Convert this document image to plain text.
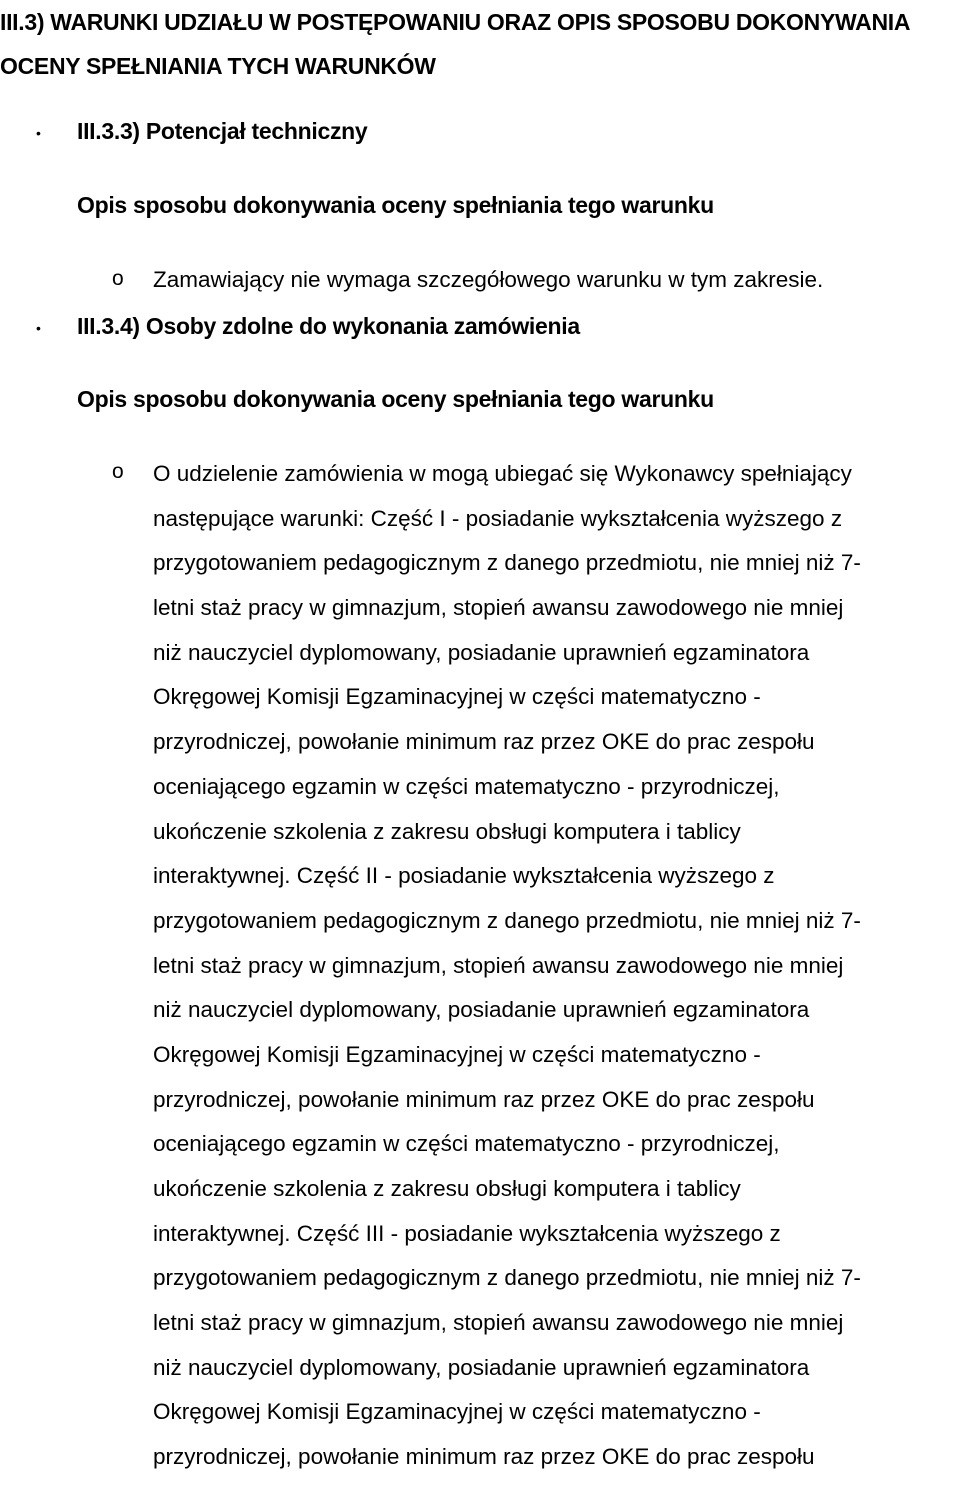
III.3) WARUNKI UDZIAŁU W POSTĘPOWANIU ORAZ OPIS SPOSOBU DOKONYWANIA OCENY SPEŁNIANIA TYCH WARUNKÓW
• III.3.3) Potencjał techniczny
Opis sposobu dokonywania oceny spełniania tego warunku
o Zamawiający nie wymaga szczegółowego warunku w tym zakresie.
• III.3.4) Osoby zdolne do wykonania zamówienia
Opis sposobu dokonywania oceny spełniania tego warunku
o O udzielenie zamówienia w mogą ubiegać się Wykonawcy spełniający
następujące warunki: Część I - posiadanie wykształcenia wyższego z
przygotowaniem pedagogicznym z danego przedmiotu, nie mniej niż 7-
letni staż pracy w gimnazjum, stopień awansu zawodowego nie mniej
niż nauczyciel dyplomowany, posiadanie uprawnień egzaminatora
Okręgowej Komisji Egzaminacyjnej w części matematyczno -
przyrodniczej, powołanie minimum raz przez OKE do prac zespołu
oceniającego egzamin w części matematyczno - przyrodniczej,
ukończenie szkolenia z zakresu obsługi komputera i tablicy
interaktywnej. Część II - posiadanie wykształcenia wyższego z
przygotowaniem pedagogicznym z danego przedmiotu, nie mniej niż 7-
letni staż pracy w gimnazjum, stopień awansu zawodowego nie mniej
niż nauczyciel dyplomowany, posiadanie uprawnień egzaminatora
Okręgowej Komisji Egzaminacyjnej w części matematyczno -
przyrodniczej, powołanie minimum raz przez OKE do prac zespołu
oceniającego egzamin w części matematyczno - przyrodniczej,
ukończenie szkolenia z zakresu obsługi komputera i tablicy
interaktywnej. Część III - posiadanie wykształcenia wyższego z
przygotowaniem pedagogicznym z danego przedmiotu, nie mniej niż 7-
letni staż pracy w gimnazjum, stopień awansu zawodowego nie mniej
niż nauczyciel dyplomowany, posiadanie uprawnień egzaminatora
Okręgowej Komisji Egzaminacyjnej w części matematyczno -
przyrodniczej, powołanie minimum raz przez OKE do prac zespołu
